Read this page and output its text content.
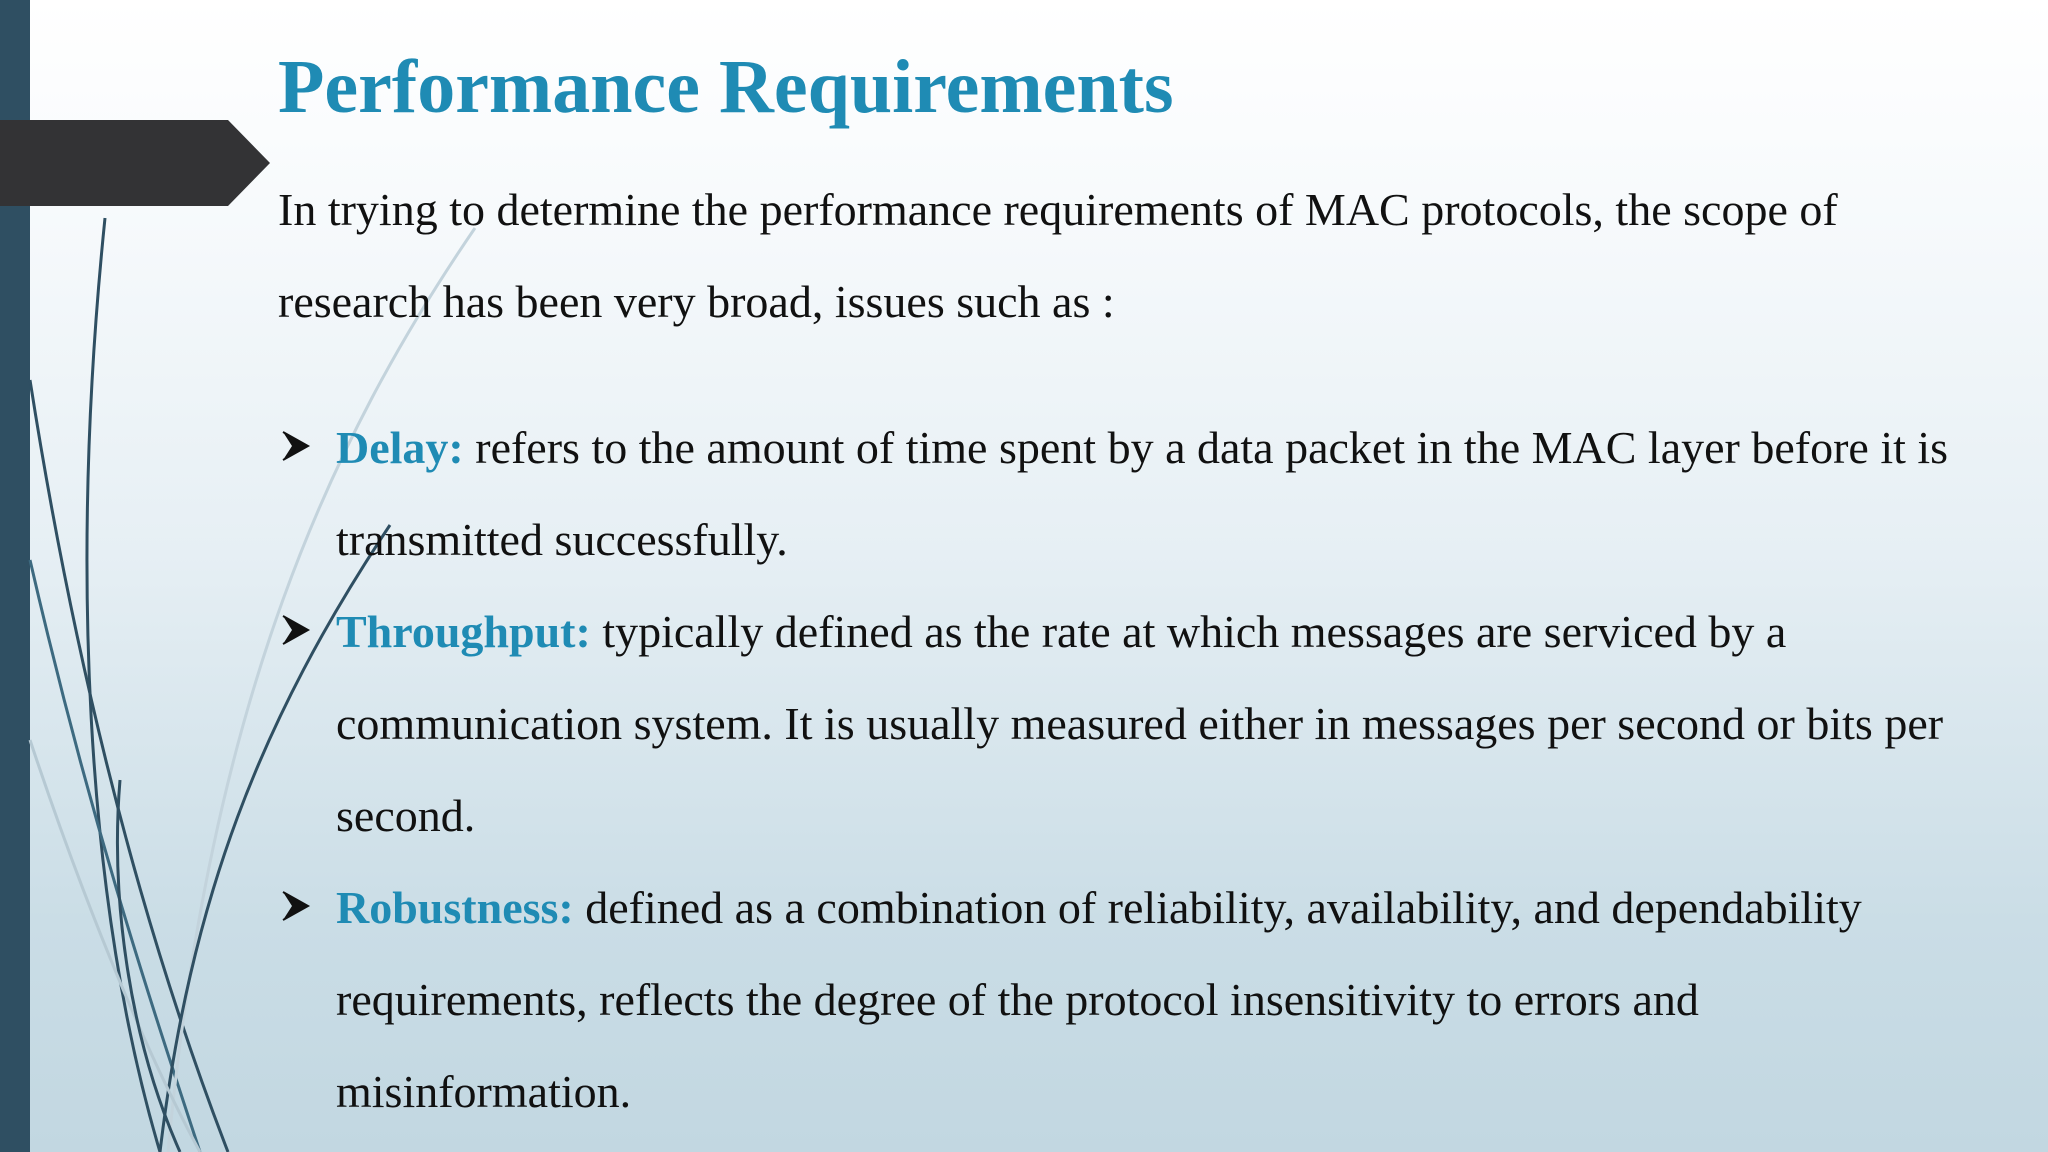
Performance Requirements

In trying to determine the performance requirements of MAC protocols, the scope of research has been very broad, issues such as :

Delay: refers to the amount of time spent by a data packet in the MAC layer before it is transmitted successfully.
Throughput: typically defined as the rate at which messages are serviced by a communication system. It is usually measured either in messages per second or bits per second.
Robustness: defined as a combination of reliability, availability, and dependability requirements, reflects the degree of the protocol insensitivity to errors and misinformation.
